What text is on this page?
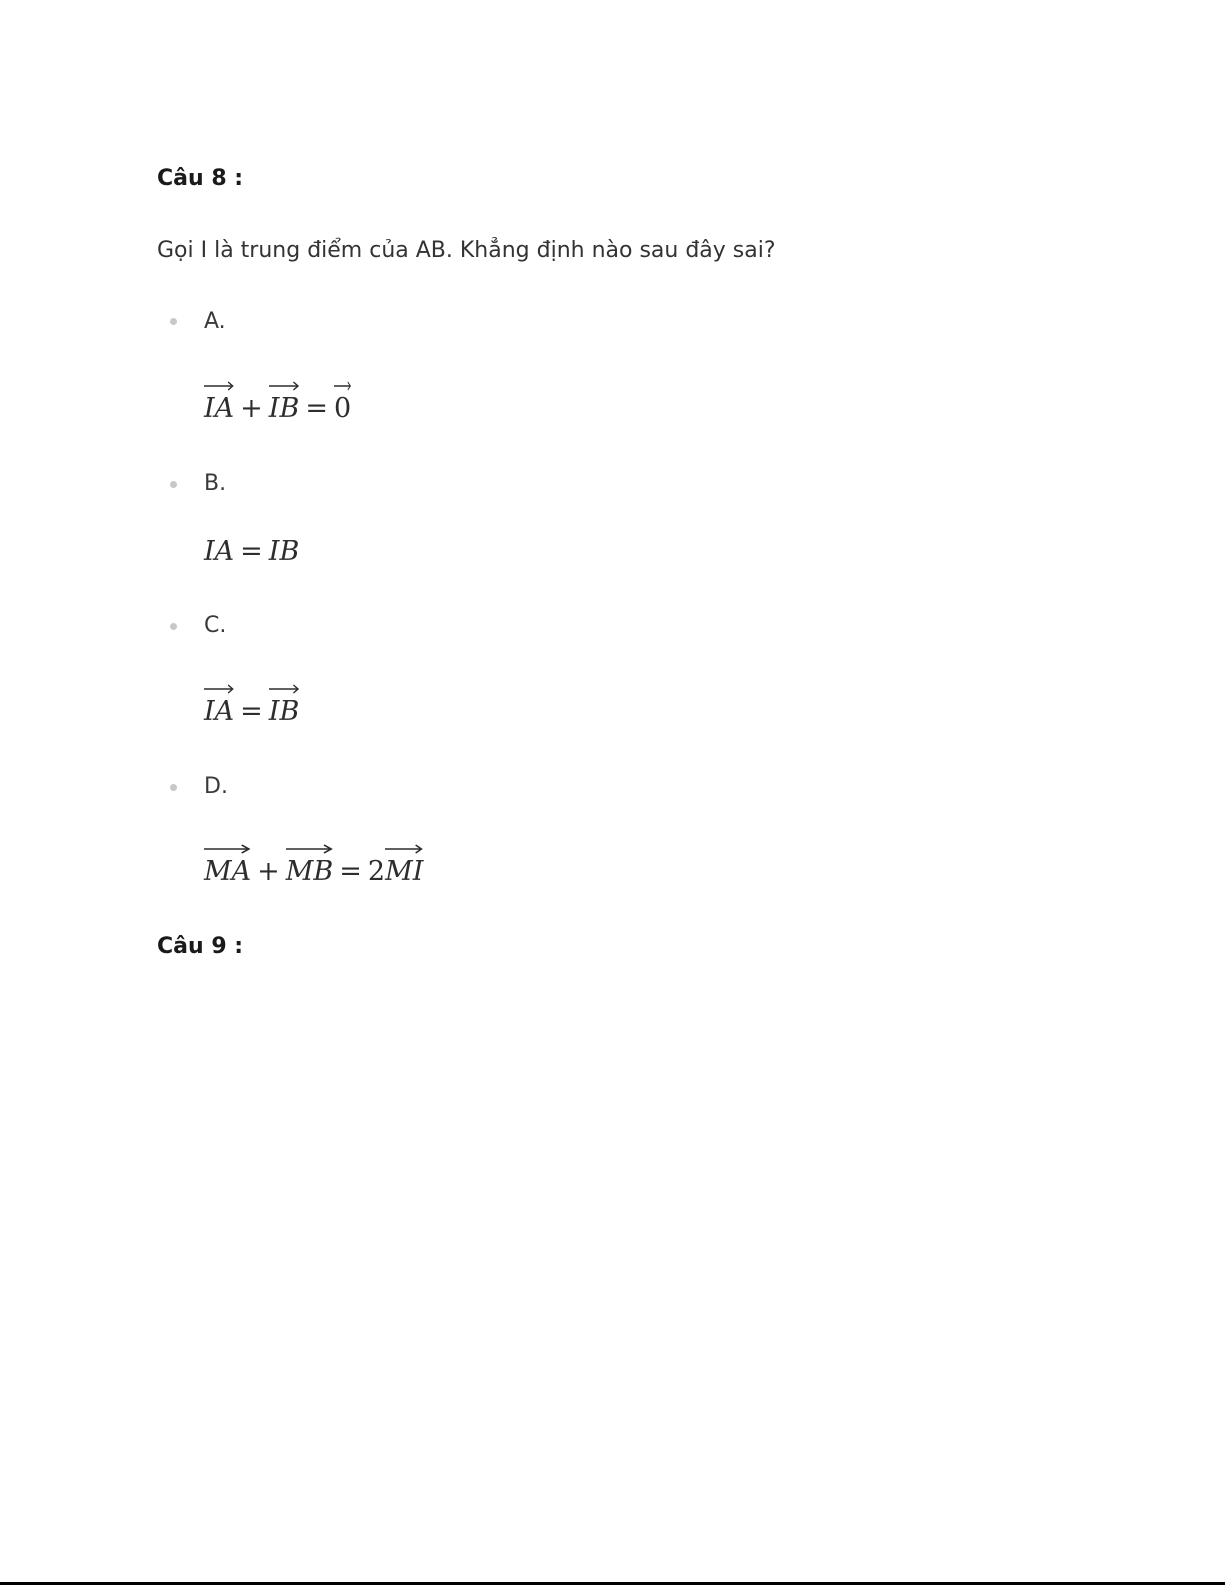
Câu 8 :
Gọi I là trung điểm của AB. Khẳng định nào sau đây sai?
A.
IA + IB = 0
B.
IA = IB
C.
IA = IB
D.
MA + MB = 2
MI
Câu 9 :
